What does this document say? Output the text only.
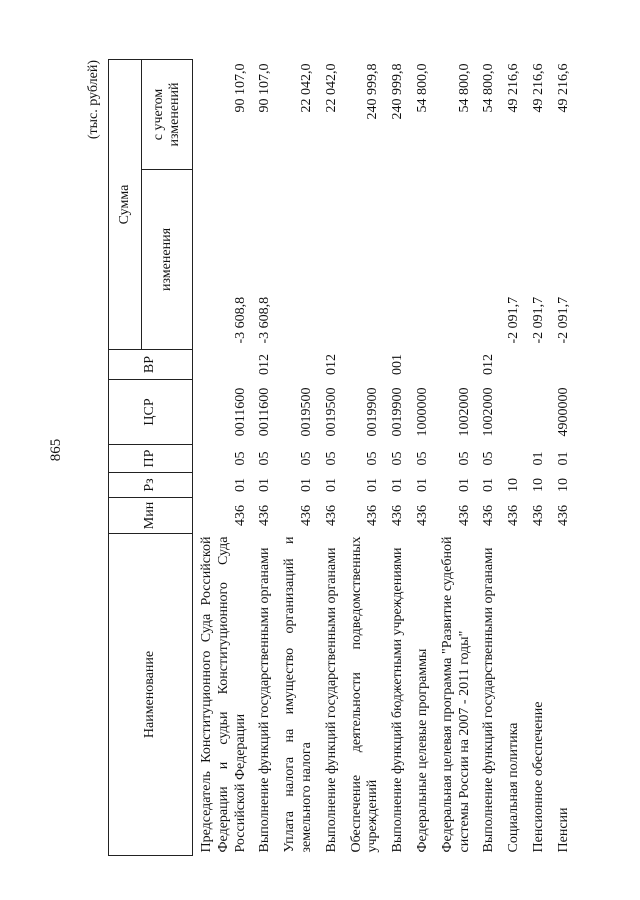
865
(тыс. рублей)
Наименование	Мин	Рз	ПР	ЦСР	ВР	Сумма	
						изменения	с учетом изменений
Председатель Конституционного Суда Российской Федерации и судьи Конституционного Суда Российской Федерации	436	01	05	0011600		-3 608,8	90 107,0
Выполнение функций государственными органами	436	01	05	0011600	012	-3 608,8	90 107,0
Уплата налога на имущество организаций и земельного налога	436	01	05	0019500			22 042,0
Выполнение функций государственными органами	436	01	05	0019500	012		22 042,0
Обеспечение деятельности подведомственных учреждений	436	01	05	0019900			240 999,8
Выполнение функций бюджетными учреждениями	436	01	05	0019900	001		240 999,8
Федеральные целевые программы	436	01	05	1000000			54 800,0
Федеральная целевая программа "Развитие судебной системы России на 2007 - 2011 годы"	436	01	05	1002000			54 800,0
Выполнение функций государственными органами	436	01	05	1002000	012		54 800,0
Социальная политика	436	10				-2 091,7	49 216,6
Пенсионное обеспечение	436	10	01			-2 091,7	49 216,6
Пенсии	436	10	01	4900000		-2 091,7	49 216,6
